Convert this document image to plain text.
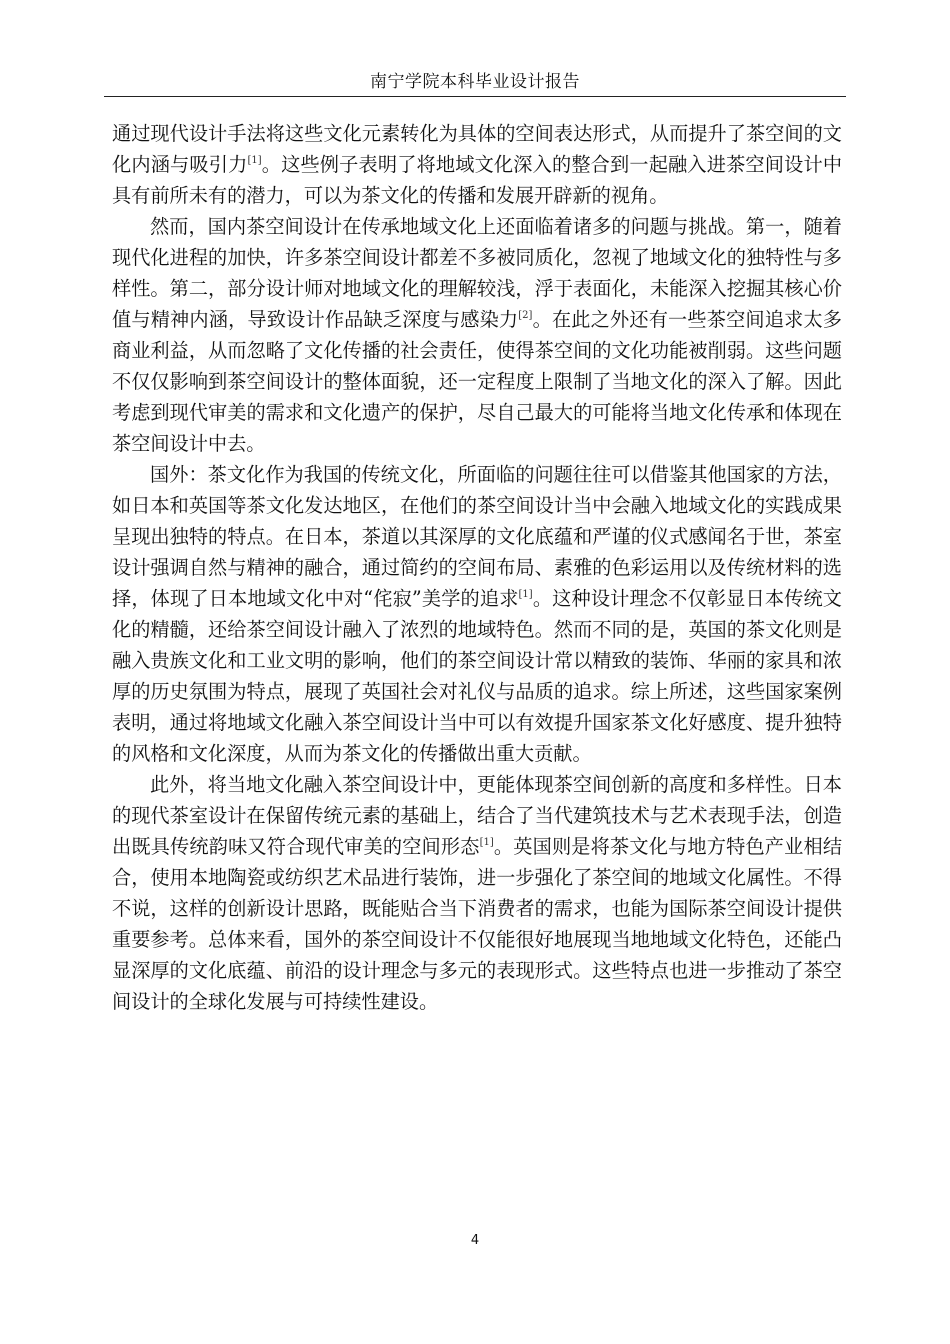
南宁学院本科毕业设计报告

通过现代设计手法将这些文化元素转化为具体的空间表达形式，从而提升了茶空间的文化内涵与吸引力[1]。这些例子表明了将地域文化深入的整合到一起融入进茶空间设计中具有前所未有的潜力，可以为茶文化的传播和发展开辟新的视角。

然而，国内茶空间设计在传承地域文化上还面临着诸多的问题与挑战。第一，随着现代化进程的加快，许多茶空间设计都差不多被同质化，忽视了地域文化的独特性与多样性。第二，部分设计师对地域文化的理解较浅，浮于表面化，未能深入挖掘其核心价值与精神内涵，导致设计作品缺乏深度与感染力[2]。在此之外还有一些茶空间追求太多商业利益，从而忽略了文化传播的社会责任，使得茶空间的文化功能被削弱。这些问题不仅仅影响到茶空间设计的整体面貌，还一定程度上限制了当地文化的深入了解。因此考虑到现代审美的需求和文化遗产的保护，尽自己最大的可能将当地文化传承和体现在茶空间设计中去。

国外：茶文化作为我国的传统文化，所面临的问题往往可以借鉴其他国家的方法，如日本和英国等茶文化发达地区，在他们的茶空间设计当中会融入地域文化的实践成果呈现出独特的特点。在日本，茶道以其深厚的文化底蕴和严谨的仪式感闻名于世，茶室设计强调自然与精神的融合，通过简约的空间布局、素雅的色彩运用以及传统材料的选择，体现了日本地域文化中对“侘寂”美学的追求[1]。这种设计理念不仅彰显日本传统文化的精髓，还给茶空间设计融入了浓烈的地域特色。然而不同的是，英国的茶文化则是融入贵族文化和工业文明的影响，他们的茶空间设计常以精致的装饰、华丽的家具和浓厚的历史氛围为特点，展现了英国社会对礼仪与品质的追求。综上所述，这些国家案例表明，通过将地域文化融入茶空间设计当中可以有效提升国家茶文化好感度、提升独特的风格和文化深度，从而为茶文化的传播做出重大贡献。

此外，将当地文化融入茶空间设计中，更能体现茶空间创新的高度和多样性。日本的现代茶室设计在保留传统元素的基础上，结合了当代建筑技术与艺术表现手法，创造出既具传统韵味又符合现代审美的空间形态[1]。英国则是将茶文化与地方特色产业相结合，使用本地陶瓷或纺织艺术品进行装饰，进一步强化了茶空间的地域文化属性。不得不说，这样的创新设计思路，既能贴合当下消费者的需求，也能为国际茶空间设计提供重要参考。总体来看，国外的茶空间设计不仅能很好地展现当地地域文化特色，还能凸显深厚的文化底蕴、前沿的设计理念与多元的表现形式。这些特点也进一步推动了茶空间设计的全球化发展与可持续性建设。

4
